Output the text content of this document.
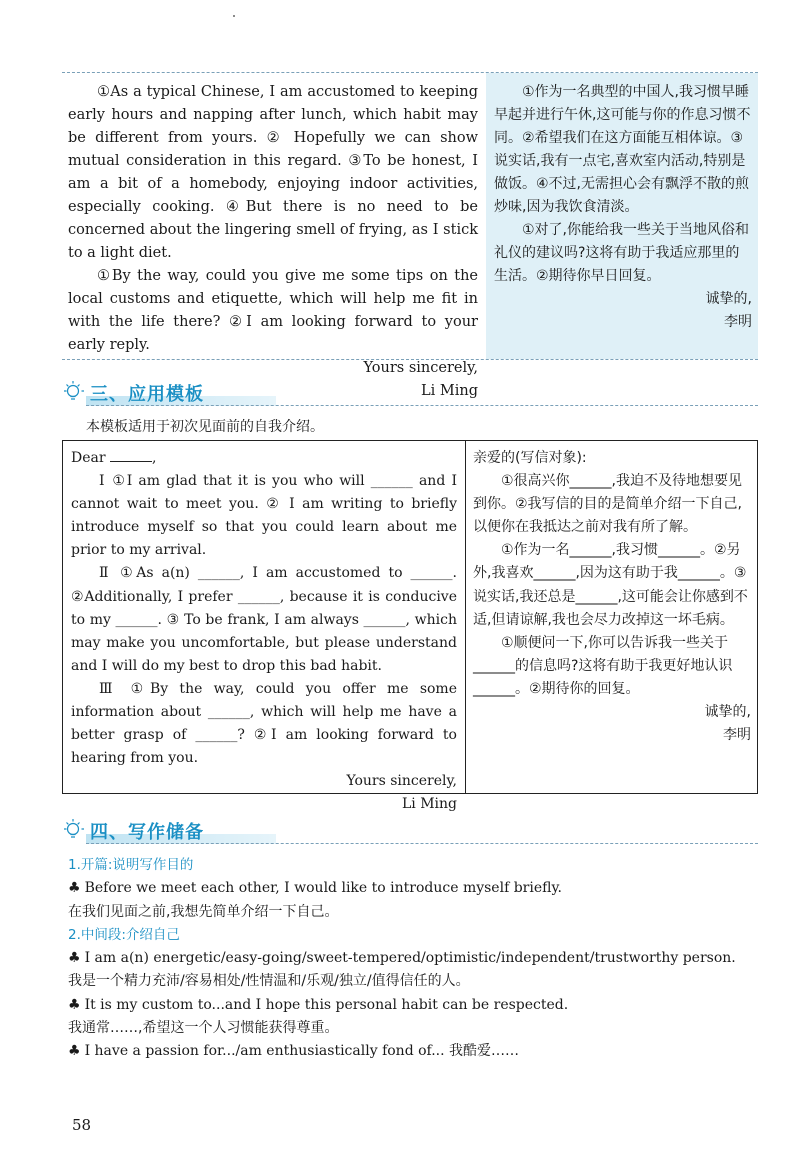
①As a typical Chinese, I am accustomed to keeping early hours and napping after lunch, which habit may be different from yours. ② Hopefully we can show mutual consideration in this regard. ③To be honest, I am a bit of a homebody, enjoying indoor activities, especially cooking. ④But there is no need to be concerned about the lingering smell of frying, as I stick to a light diet.

①By the way, could you give me some tips on the local customs and etiquette, which will help me fit in with the life there? ②I am looking forward to your early reply.

Yours sincerely,

Li Ming

①作为一名典型的中国人,我习惯早睡早起并进行午休,这可能与你的作息习惯不同。②希望我们在这方面能互相体谅。③说实话,我有一点宅,喜欢室内活动,特别是做饭。④不过,无需担心会有飘浮不散的煎炒味,因为我饮食清淡。

①对了,你能给我一些关于当地风俗和礼仪的建议吗?这将有助于我适应那里的生活。②期待你早日回复。

诚挚的,

李明

三、应用模板
本模板适用于初次见面前的自我介绍。

Dear	,

Ⅰ ①I am glad that it is you who will ______ and I cannot wait to meet you. ② I am writing to briefly introduce myself so that you could learn about me prior to my arrival.

Ⅱ ①As a(n) ______, I am accustomed to ______. ②Additionally, I prefer ______, because it is conducive to my ______. ③ To be frank, I am always ______, which may make you uncomfortable, but please understand and I will do my best to drop this bad habit.

Ⅲ ①By the way, could you offer me some information about ______, which will help me have a better grasp of ______? ②I am looking forward to hearing from you.

Yours sincerely,

Li Ming

亲爱的(写信对象):

①很高兴你______,我迫不及待地想要见到你。②我写信的目的是简单介绍一下自己,以便你在我抵达之前对我有所了解。

①作为一名______,我习惯______。②另外,我喜欢______,因为这有助于我______。③说实话,我还总是______,这可能会让你感到不适,但请谅解,我也会尽力改掉这一坏毛病。

①顺便问一下,你可以告诉我一些关于______的信息吗?这将有助于我更好地认识______。②期待你的回复。

诚挚的,

李明

四、写作储备

1.开篇:说明写作目的

♣ Before we meet each other, I would like to introduce myself briefly.

在我们见面之前,我想先简单介绍一下自己。

2.中间段:介绍自己

♣ I am a(n) energetic/easy-going/sweet-tempered/optimistic/independent/trustworthy person.

我是一个精力充沛/容易相处/性情温和/乐观/独立/值得信任的人。

♣ It is my custom to...and I hope this personal habit can be respected.

我通常……,希望这一个人习惯能获得尊重。

♣ I have a passion for.../am enthusiastically fond of... 我酷爱……

58
